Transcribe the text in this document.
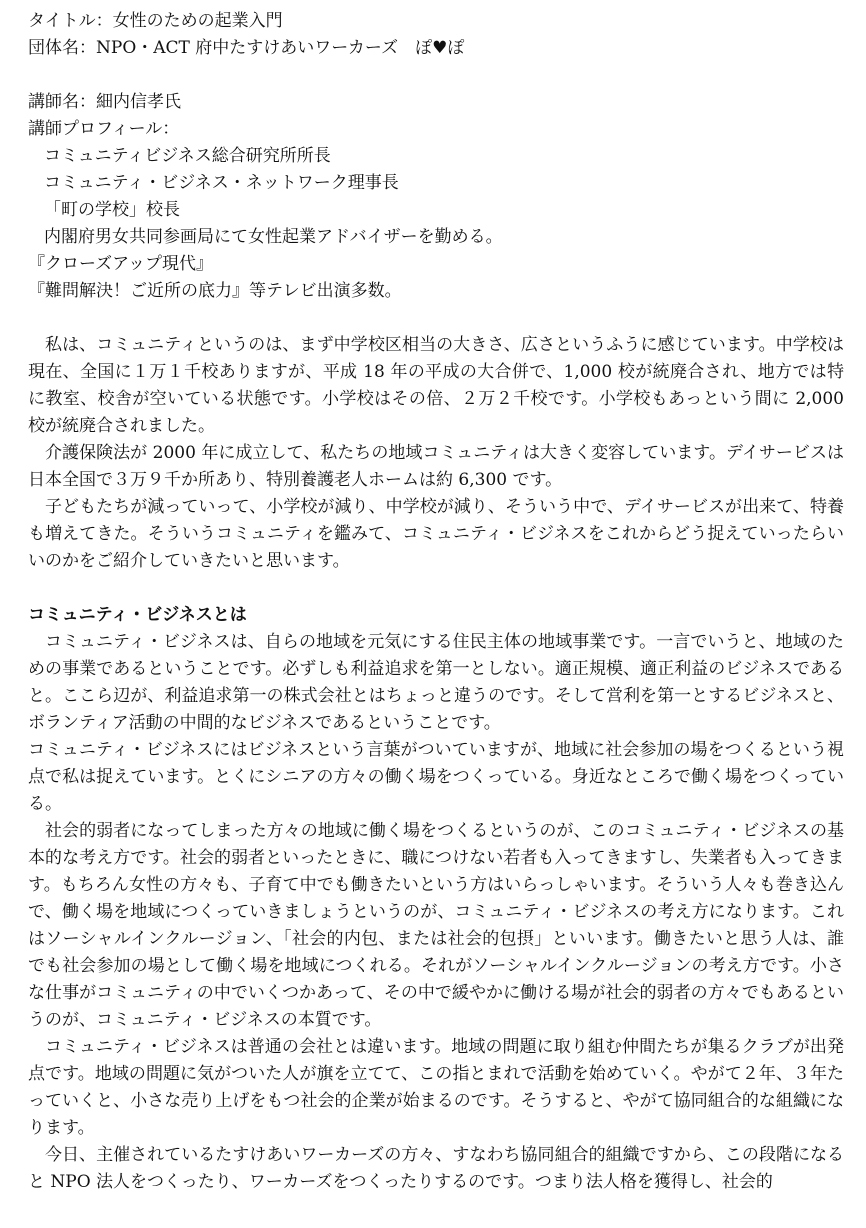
タイトル：女性のための起業入門

団体名：NPO・ACT 府中たすけあいワーカーズ　ぽ♥ぽ

講師名：細内信孝氏

講師プロフィール：

コミュニティビジネス総合研究所所長

コミュニティ・ビジネス・ネットワーク理事長

「町の学校」校長

内閣府男女共同参画局にて女性起業アドバイザーを勤める。

『クローズアップ現代』

『難問解決！ご近所の底力』等テレビ出演多数。

私は、コミュニティというのは、まず中学校区相当の大きさ、広さというふうに感じています。中学校は現在、全国に１万１千校ありますが、平成 18 年の平成の大合併で、1,000 校が統廃合され、地方では特に教室、校舎が空いている状態です。小学校はその倍、２万２千校です。小学校もあっという間に 2,000 校が統廃合されました。

介護保険法が 2000 年に成立して、私たちの地域コミュニティは大きく変容しています。デイサービスは日本全国で３万９千か所あり、特別養護老人ホームは約 6,300 です。

子どもたちが減っていって、小学校が減り、中学校が減り、そういう中で、デイサービスが出来て、特養も増えてきた。そういうコミュニティを鑑みて、コミュニティ・ビジネスをこれからどう捉えていったらいいのかをご紹介していきたいと思います。

コミュニティ・ビジネスとは

コミュニティ・ビジネスは、自らの地域を元気にする住民主体の地域事業です。一言でいうと、地域のための事業であるということです。必ずしも利益追求を第一としない。適正規模、適正利益のビジネスであると。ここら辺が、利益追求第一の株式会社とはちょっと違うのです。そして営利を第一とするビジネスと、ボランティア活動の中間的なビジネスであるということです。

コミュニティ・ビジネスにはビジネスという言葉がついていますが、地域に社会参加の場をつくるという視点で私は捉えています。とくにシニアの方々の働く場をつくっている。身近なところで働く場をつくっている。

社会的弱者になってしまった方々の地域に働く場をつくるというのが、このコミュニティ・ビジネスの基本的な考え方です。社会的弱者といったときに、職につけない若者も入ってきますし、失業者も入ってきます。もちろん女性の方々も、子育て中でも働きたいという方はいらっしゃいます。そういう人々も巻き込んで、働く場を地域につくっていきましょうというのが、コミュニティ・ビジネスの考え方になります。これはソーシャルインクルージョン、「社会的内包、または社会的包摂」といいます。働きたいと思う人は、誰でも社会参加の場として働く場を地域につくれる。それがソーシャルインクルージョンの考え方です。小さな仕事がコミュニティの中でいくつかあって、その中で緩やかに働ける場が社会的弱者の方々でもあるというのが、コミュニティ・ビジネスの本質です。

コミュニティ・ビジネスは普通の会社とは違います。地域の問題に取り組む仲間たちが集るクラブが出発点です。地域の問題に気がついた人が旗を立てて、この指とまれで活動を始めていく。やがて２年、３年たっていくと、小さな売り上げをもつ社会的企業が始まるのです。そうすると、やがて協同組合的な組織になります。

今日、主催されているたすけあいワーカーズの方々、すなわち協同組合的組織ですから、この段階になると NPO 法人をつくったり、ワーカーズをつくったりするのです。つまり法人格を獲得し、社会的
